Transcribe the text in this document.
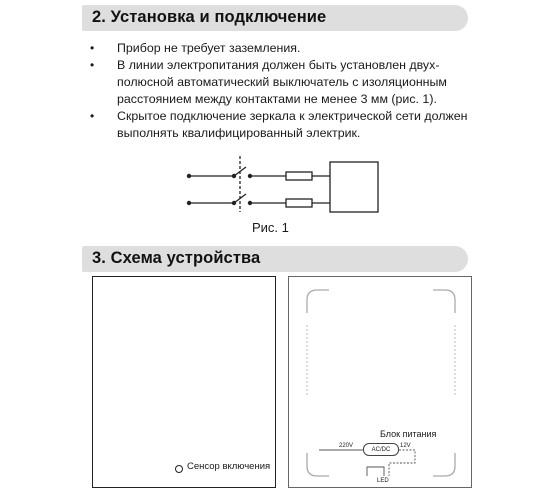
2. Установка и подключение
• Прибор не требует заземления.
• В линии электропитания должен быть установлен двух-полюсной автоматический выключатель с изоляционным расстоянием между контактами не менее 3 мм (рис. 1).
• Скрытое подключение зеркала к электрической сети должен выполнять квалифицированный электрик.
Рис. 1
3. Схема устройства
Сенсор включения
Блок питания
220V
AC/DC
12V
LED
